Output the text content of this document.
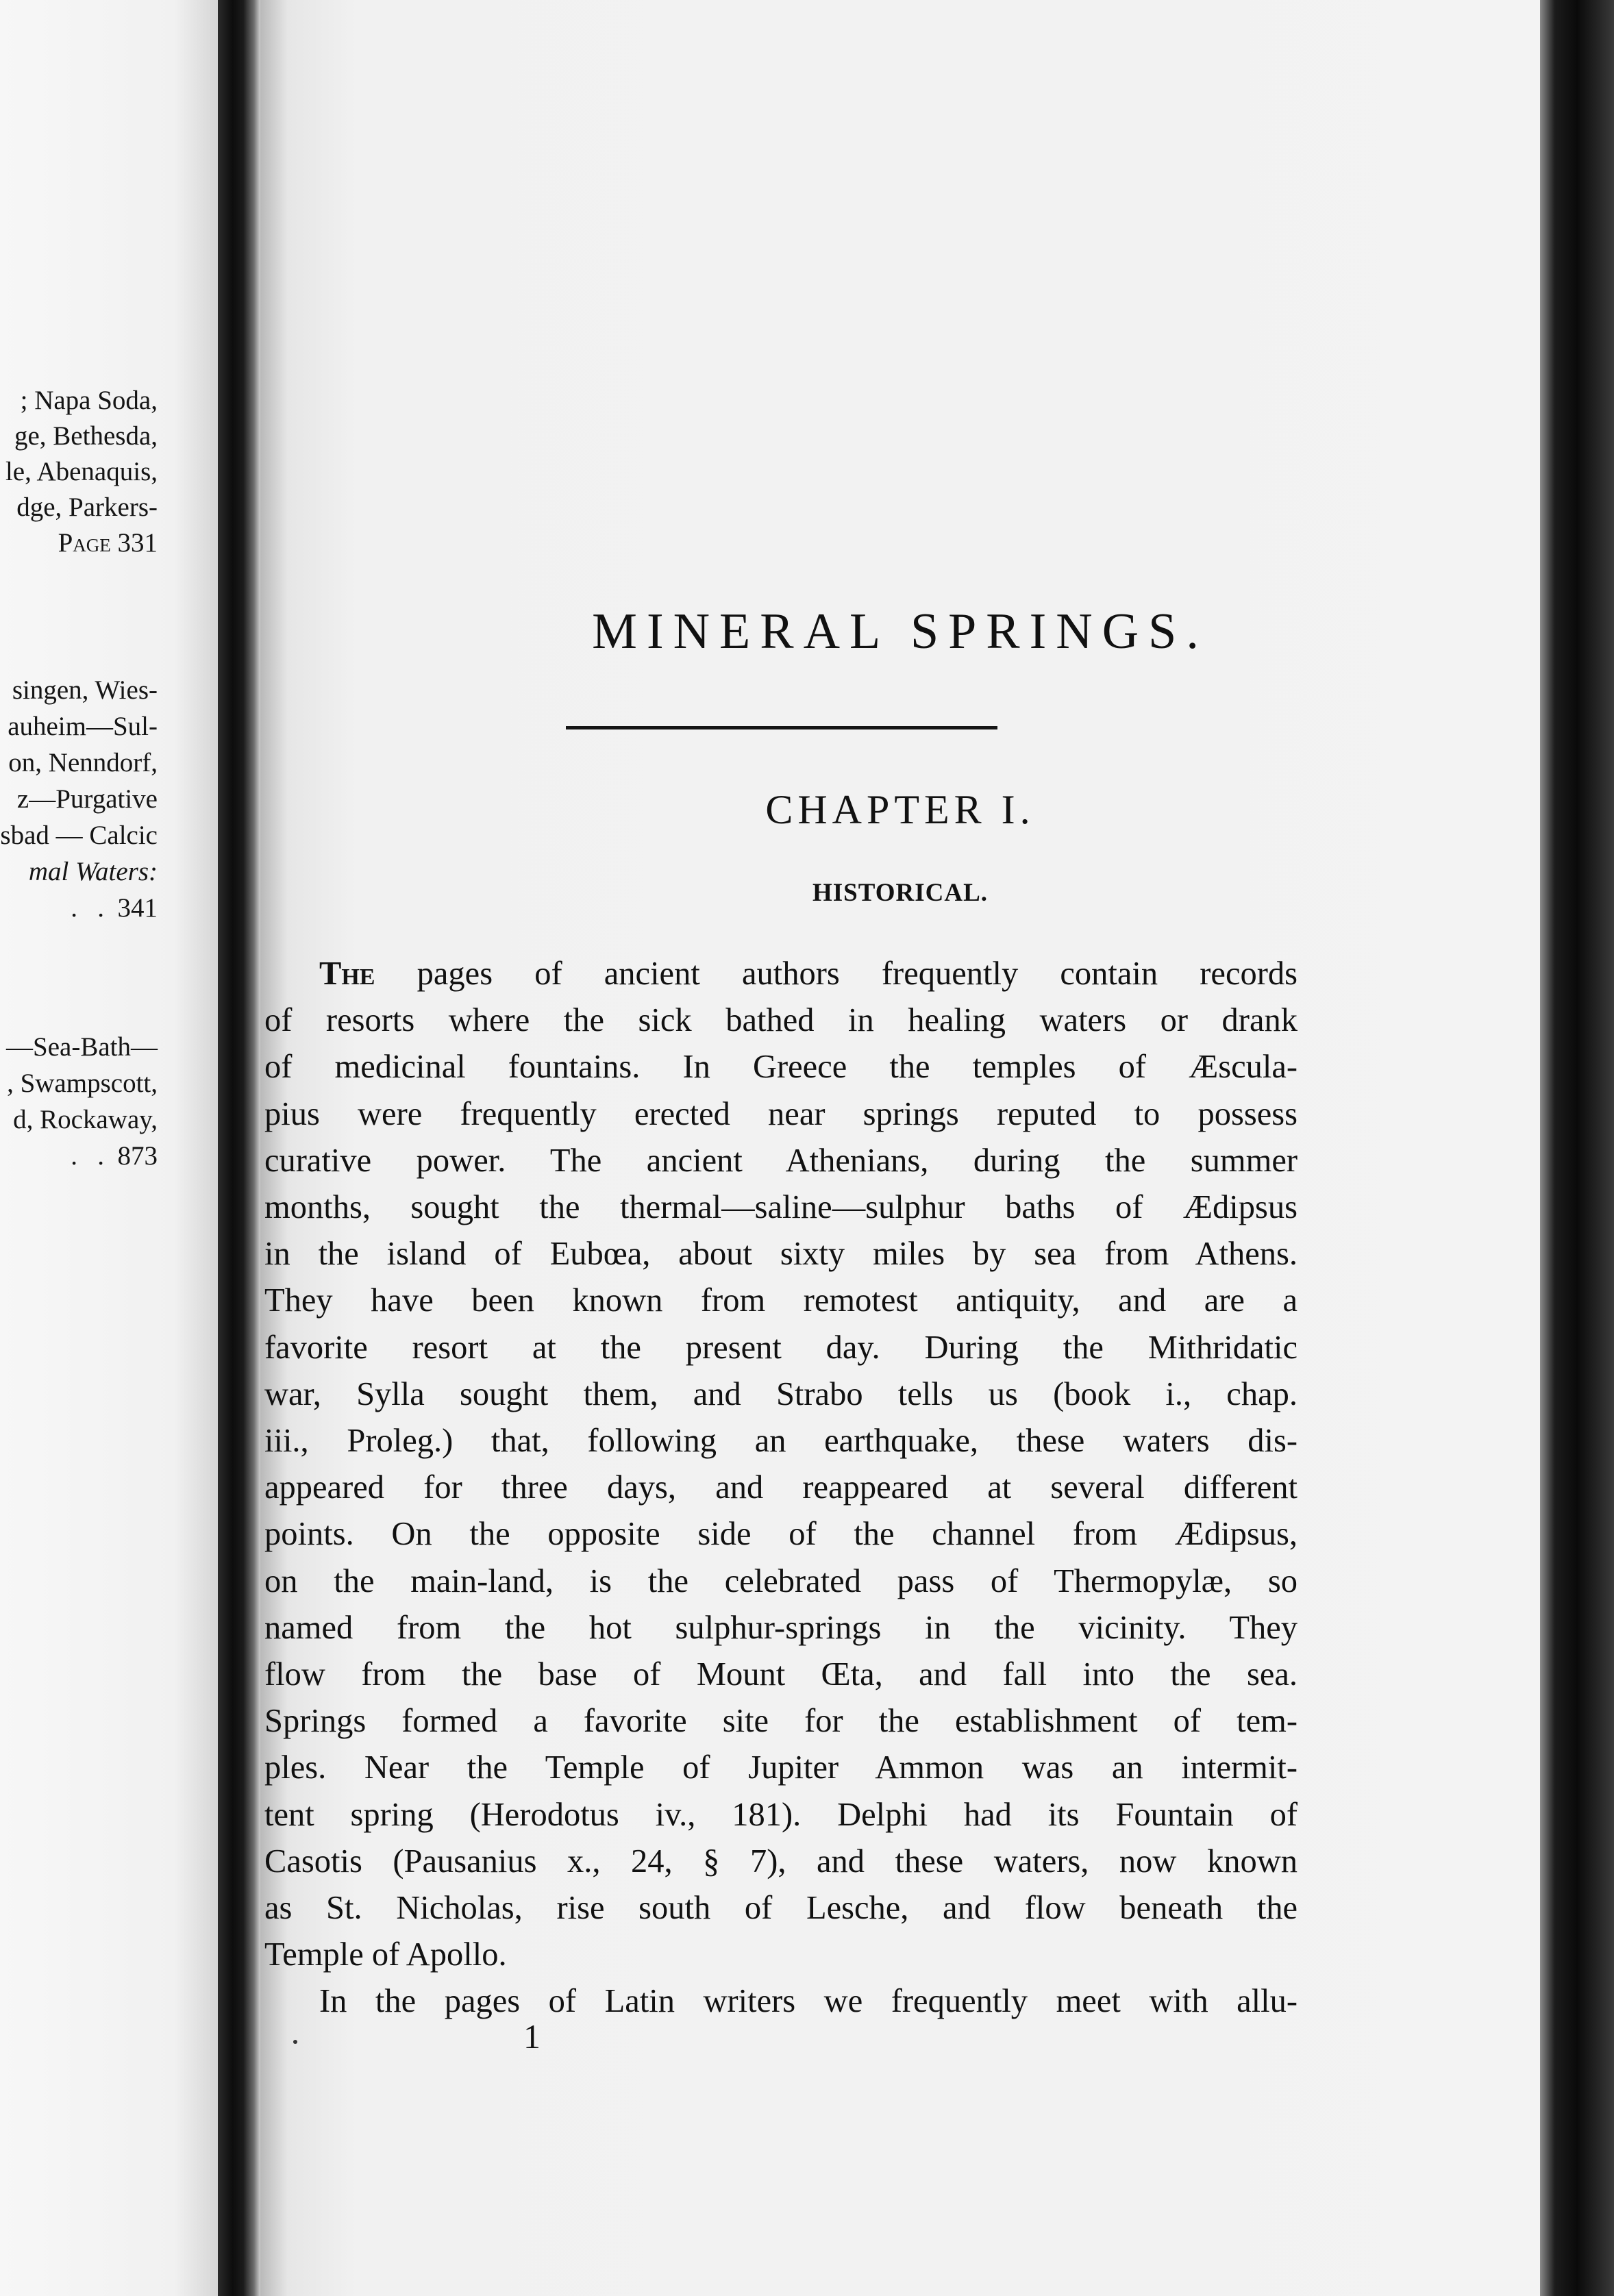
; Napa Soda,
ge, Bethesda,
le, Abenaquis,
dge, Parkers-
Page 331
singen, Wies-
auheim—Sul-
on, Nenndorf,
z—Purgative
sbad — Calcic
mal Waters:
.   .  341
—Sea-Bath—
, Swampscott,
d, Rockaway,
.   .  873
MINERAL SPRINGS.
CHAPTER I.
HISTORICAL.
The pages of ancient authors frequently contain records
of resorts where the sick bathed in healing waters or drank
of medicinal fountains. In Greece the temples of Æscula-
pius were frequently erected near springs reputed to possess
curative power. The ancient Athenians, during the summer
months, sought the thermal—saline—sulphur baths of Ædipsus
in the island of Eubœa, about sixty miles by sea from Athens.
They have been known from remotest antiquity, and are a
favorite resort at the present day. During the Mithridatic
war, Sylla sought them, and Strabo tells us (book i., chap.
iii., Proleg.) that, following an earthquake, these waters dis-
appeared for three days, and reappeared at several different
points. On the opposite side of the channel from Ædipsus,
on the main-land, is the celebrated pass of Thermopylæ, so
named from the hot sulphur-springs in the vicinity. They
flow from the base of Mount Œta, and fall into the sea.
Springs formed a favorite site for the establishment of tem-
ples. Near the Temple of Jupiter Ammon was an intermit-
tent spring (Herodotus iv., 181). Delphi had its Fountain of
Casotis (Pausanius x., 24, § 7), and these waters, now known
as St. Nicholas, rise south of Lesche, and flow beneath the
Temple of Apollo.
In the pages of Latin writers we frequently meet with allu-
1
